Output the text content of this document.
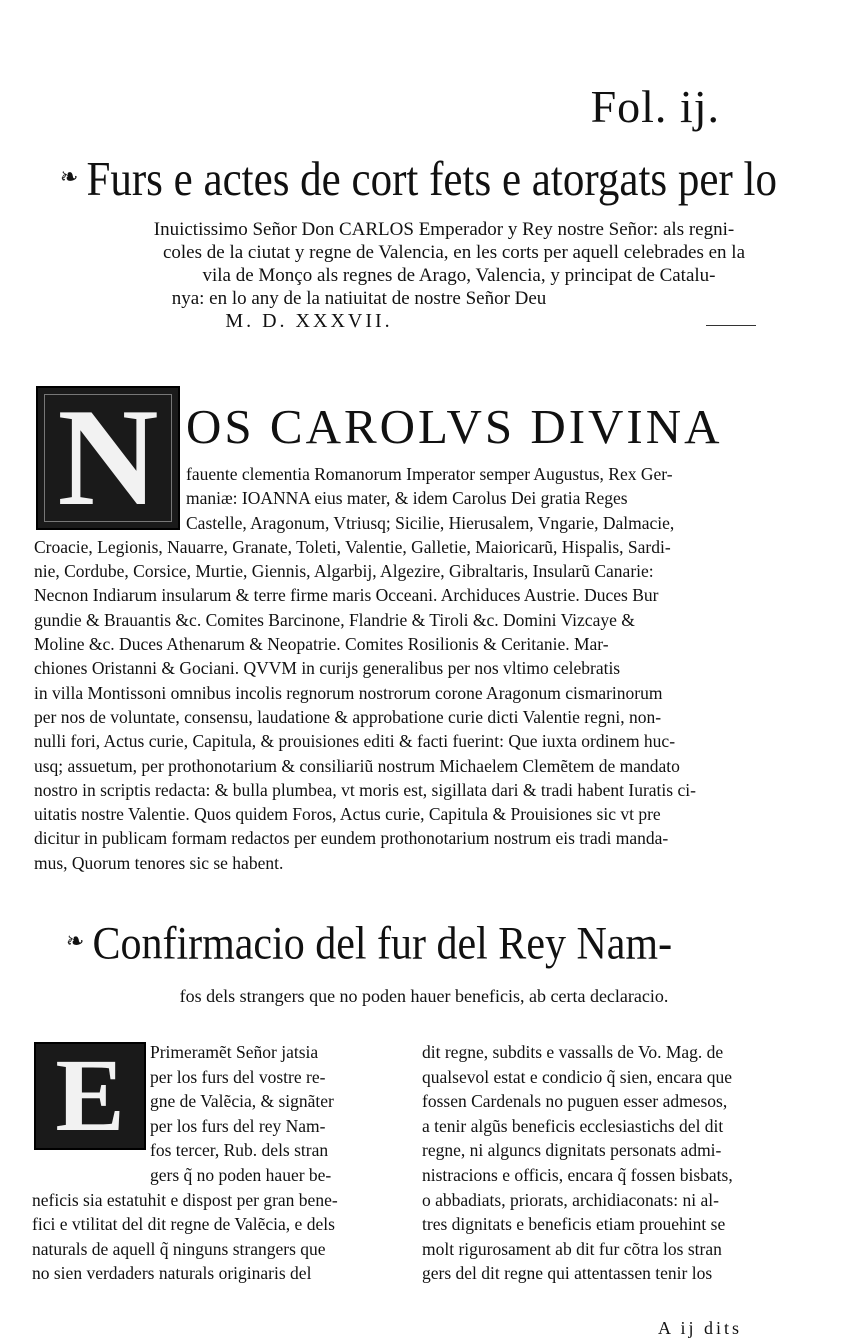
Fol. ij.
❧ Furs e actes de cort fets e atorgats per lo
Inuictissimo Señor Don CARLOS Emperador y Rey nostre Señor: als regni-
coles de la ciutat y regne de Valencia, en les corts per aquell celebrades en la
vila de Monço als regnes de Arago, Valencia, y principat de Catalu-
nya: en lo any de la natiuitat de nostre Señor Deu
M. D. XXXVII.
N OS CAROLVS DIVINA
fauente clementia Romanorum Imperator semper Augustus, Rex Ger-
maniæ: IOANNA eius mater, & idem Carolus Dei gratia Reges
Castelle, Aragonum, Vtriusq; Sicilie, Hierusalem, Vngarie, Dalmacie,
Croacie, Legionis, Nauarre, Granate, Toleti, Valentie, Galletie, Maioricarũ, Hispalis, Sardi-
nie, Cordube, Corsice, Murtie, Giennis, Algarbij, Algezire, Gibraltaris, Insularũ Canarie:
Necnon Indiarum insularum & terre firme maris Occeani. Archiduces Austrie. Duces Bur
gundie & Brauantis &c. Comites Barcinone, Flandrie & Tiroli &c. Domini Vizcaye &
Moline &c. Duces Athenarum & Neopatrie. Comites Rosilionis & Ceritanie. Mar-
chiones Oristanni & Gociani. QVVM in curijs generalibus per nos vltimo celebratis
in villa Montissoni omnibus incolis regnorum nostrorum corone Aragonum cismarinorum
per nos de voluntate, consensu, laudatione & approbatione curie dicti Valentie regni, non-
nulli fori, Actus curie, Capitula, & prouisiones editi & facti fuerint: Que iuxta ordinem huc-
usq; assuetum, per prothonotarium & consiliariũ nostrum Michaelem Clemẽtem de mandato
nostro in scriptis redacta: & bulla plumbea, vt moris est, sigillata dari & tradi habent Iuratis ci-
uitatis nostre Valentie. Quos quidem Foros, Actus curie, Capitula & Prouisiones sic vt pre
dicitur in publicam formam redactos per eundem prothonotarium nostrum eis tradi manda-
mus, Quorum tenores sic se habent.
❧ Confirmacio del fur del Rey Nam-
fos dels strangers que no poden hauer beneficis, ab certa declaracio.
E	Primeramẽt Señor jatsia
per los furs del vostre re-
gne de Valẽcia, & signãter
per los furs del rey Nam-
fos tercer, Rub. dels stran
gers q̃ no poden hauer be-
neficis sia estatuhit e dispost per gran bene-
fici e vtilitat del dit regne de Valẽcia, e dels
naturals de aquell q̃ ninguns strangers que
no sien verdaders naturals originaris del
dit regne, subdits e vassalls de Vo. Mag. de
qualsevol estat e condicio q̃ sien, encara que
fossen Cardenals no puguen esser admesos,
a tenir algũs beneficis ecclesiastichs del dit
regne, ni alguncs dignitats personats admi-
nistracions e officis, encara q̃ fossen bisbats,
o abbadiats, priorats, archidiaconats: ni al-
tres dignitats e beneficis etiam prouehint se
molt rigurosament ab dit fur cõtra los stran
gers del dit regne qui attentassen tenir los
A ij dits
